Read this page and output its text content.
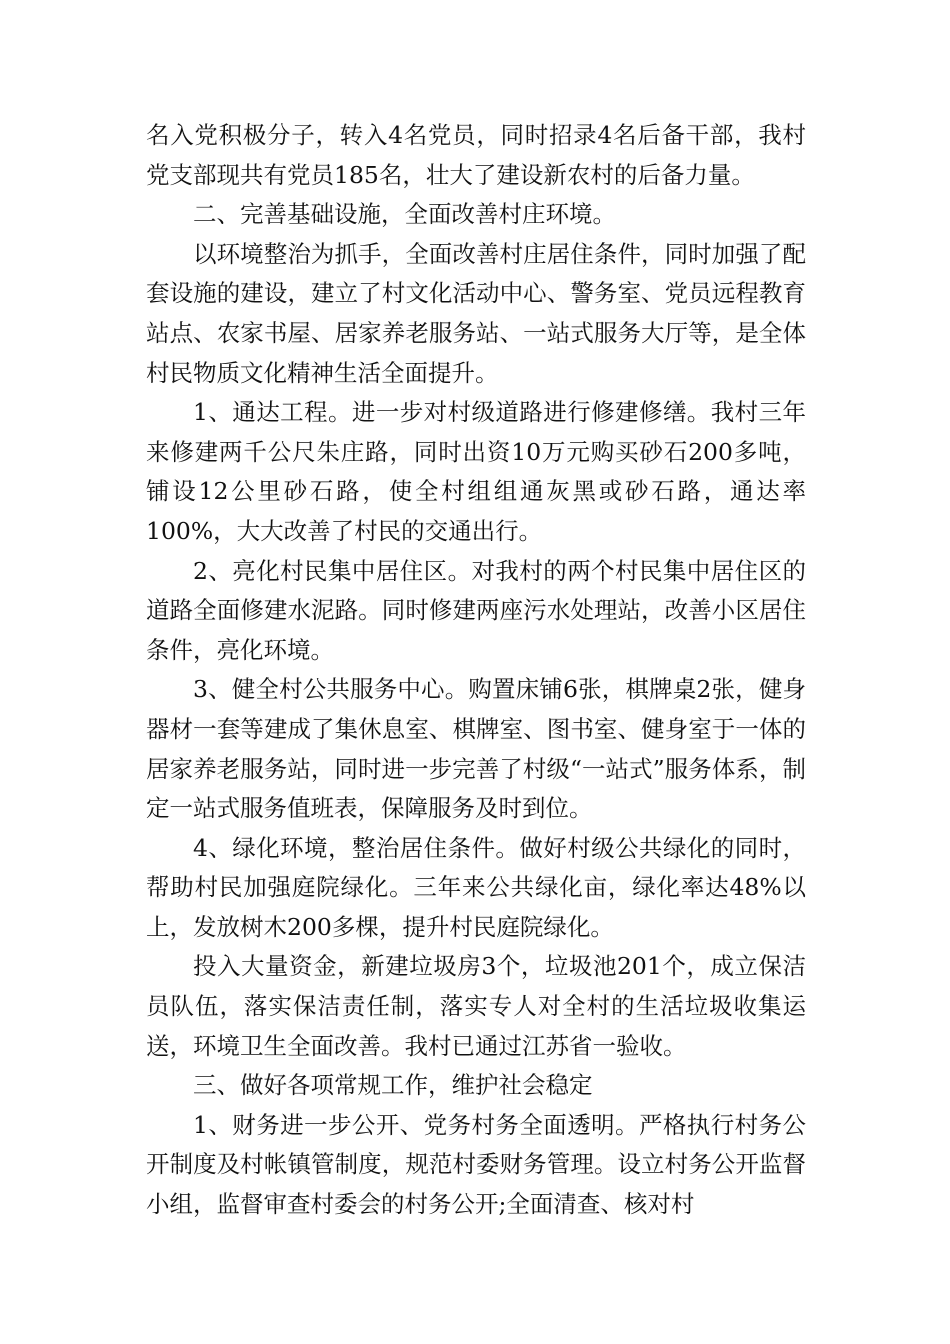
名入党积极分子，转入4名党员，同时招录4名后备干部，我村党支部现共有党员185名，壮大了建设新农村的后备力量。

二、完善基础设施，全面改善村庄环境。

以环境整治为抓手，全面改善村庄居住条件，同时加强了配套设施的建设，建立了村文化活动中心、警务室、党员远程教育站点、农家书屋、居家养老服务站、一站式服务大厅等，是全体村民物质文化精神生活全面提升。

1、通达工程。进一步对村级道路进行修建修缮。我村三年来修建两千公尺朱庄路，同时出资10万元购买砂石200多吨，铺设12公里砂石路，使全村组组通灰黑或砂石路，通达率100%，大大改善了村民的交通出行。

2、亮化村民集中居住区。对我村的两个村民集中居住区的道路全面修建水泥路。同时修建两座污水处理站，改善小区居住条件，亮化环境。

3、健全村公共服务中心。购置床铺6张，棋牌桌2张，健身器材一套等建成了集休息室、棋牌室、图书室、健身室于一体的居家养老服务站，同时进一步完善了村级“一站式”服务体系，制定一站式服务值班表，保障服务及时到位。

4、绿化环境，整治居住条件。做好村级公共绿化的同时，帮助村民加强庭院绿化。三年来公共绿化亩，绿化率达48%以上，发放树木200多棵，提升村民庭院绿化。

投入大量资金，新建垃圾房3个，垃圾池201个，成立保洁员队伍，落实保洁责任制，落实专人对全村的生活垃圾收集运送，环境卫生全面改善。我村已通过江苏省一验收。

三、做好各项常规工作，维护社会稳定

1、财务进一步公开、党务村务全面透明。严格执行村务公开制度及村帐镇管制度，规范村委财务管理。设立村务公开监督小组，监督审查村委会的村务公开;全面清查、核对村
